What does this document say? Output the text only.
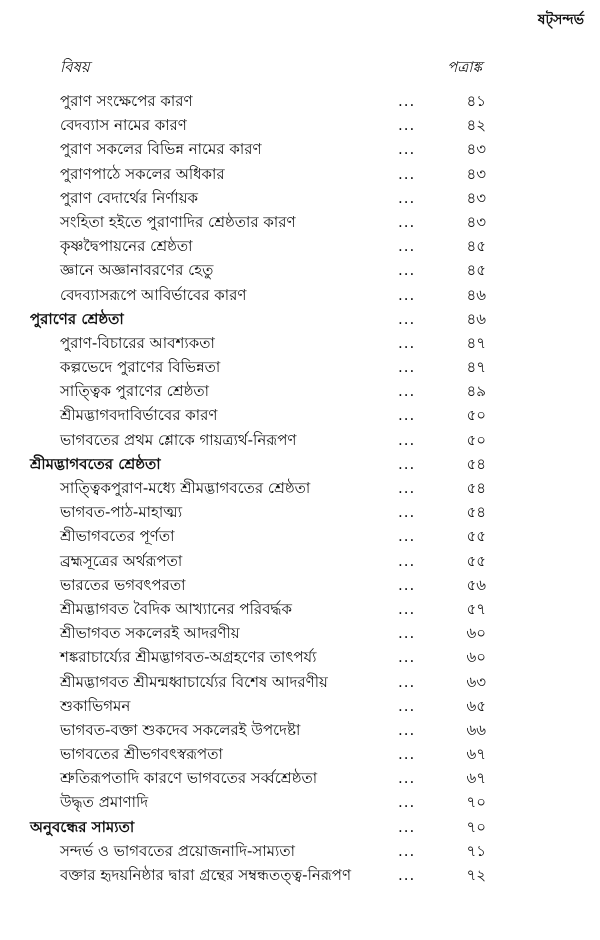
ষট্‌সন্দর্ভ
বিষয়	পত্রাঙ্ক
পুরাণ সংক্ষেপের কারণ	...	৪১
বেদব্যাস নামের কারণ	...	৪২
পুরাণ সকলের বিভিন্ন নামের কারণ	...	৪৩
পুরাণপাঠে সকলের অধিকার	...	৪৩
পুরাণ বেদার্থের নির্ণায়ক	...	৪৩
সংহিতা হইতে পুরাণাদির শ্রেষ্ঠতার কারণ	...	৪৩
কৃষ্ণদ্বৈপায়নের শ্রেষ্ঠতা	...	৪৫
জ্ঞানে অজ্ঞানাবরণের হেতু	...	৪৫
বেদব্যাসরূপে আবির্ভাবের কারণ	...	৪৬
পুরাণের শ্রেষ্ঠতা	...	৪৬
পুরাণ-বিচারের আবশ্যকতা	...	৪৭
কল্পভেদে পুরাণের বিভিন্নতা	...	৪৭
সাত্ত্বিক পুরাণের শ্রেষ্ঠতা	...	৪৯
শ্রীমদ্ভাগবদাবির্ভাবের কারণ	...	৫০
ভাগবতের প্রথম শ্লোকে গায়ত্র্যর্থ-নিরূপণ	...	৫০
শ্রীমদ্ভাগবতের শ্রেষ্ঠতা	...	৫৪
সাত্ত্বিকপুরাণ-মধ্যে শ্রীমদ্ভাগবতের শ্রেষ্ঠতা	...	৫৪
ভাগবত-পাঠ-মাহাত্ম্য	...	৫৪
শ্রীভাগবতের পূর্ণতা	...	৫৫
ব্রহ্মসূত্রের অর্থরূপতা	...	৫৫
ভারতের ভগবৎপরতা	...	৫৬
শ্রীমদ্ভাগবত বৈদিক আখ্যানের পরিবর্দ্ধক	...	৫৭
শ্রীভাগবত সকলেরই আদরণীয়	...	৬০
শঙ্করাচার্য্যের শ্রীমদ্ভাগবত-অগ্রহণের তাৎপর্য্য	...	৬০
শ্রীমদ্ভাগবত শ্রীমন্মধ্বাচার্য্যের বিশেষ আদরণীয়	...	৬৩
শুকাভিগমন	...	৬৫
ভাগবত-বক্তা শুকদেব সকলেরই উপদেষ্টা	...	৬৬
ভাগবতের শ্রীভগবৎস্বরূপতা	...	৬৭
শ্রুতিরূপতাদি কারণে ভাগবতের সর্ব্বশ্রেষ্ঠতা	...	৬৭
উদ্ধৃত প্রমাণাদি	...	৭০
অনুবন্ধের সাম্যতা	...	৭০
সন্দর্ভ ও ভাগবতের প্রয়োজনাদি-সাম্যতা	...	৭১
বক্তার হৃদয়নিষ্ঠার দ্বারা গ্রন্থের সম্বন্ধতত্ত্ব-নিরূপণ	...	৭২
